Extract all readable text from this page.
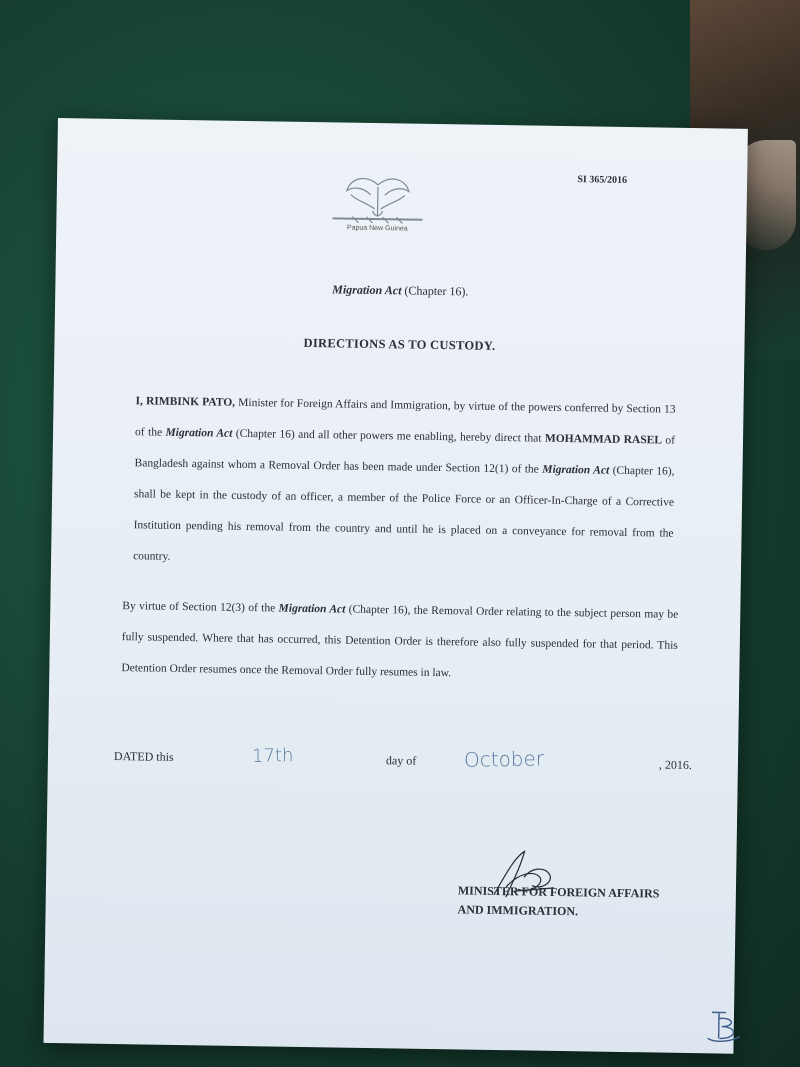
SI 365/2016
Papua New Guinea
Migration Act (Chapter 16).
DIRECTIONS AS TO CUSTODY.

I, RIMBINK PATO, Minister for Foreign Affairs and Immigration, by virtue of the powers conferred by Section 13 of the Migration Act (Chapter 16) and all other powers me enabling, hereby direct that MOHAMMAD RASEL of Bangladesh against whom a Removal Order has been made under Section 12(1) of the Migration Act (Chapter 16), shall be kept in the custody of an officer, a member of the Police Force or an Officer-In-Charge of a Corrective Institution pending his removal from the country and until he is placed on a conveyance for removal from the country.

By virtue of Section 12(3) of the Migration Act (Chapter 16), the Removal Order relating to the subject person may be fully suspended. Where that has occurred, this Detention Order is therefore also fully suspended for that period. This Detention Order resumes once the Removal Order fully resumes in law.

DATED this	17th	day of October	, 2016.
MINISTER FOR FOREIGN AFFAIRS
AND IMMIGRATION.
